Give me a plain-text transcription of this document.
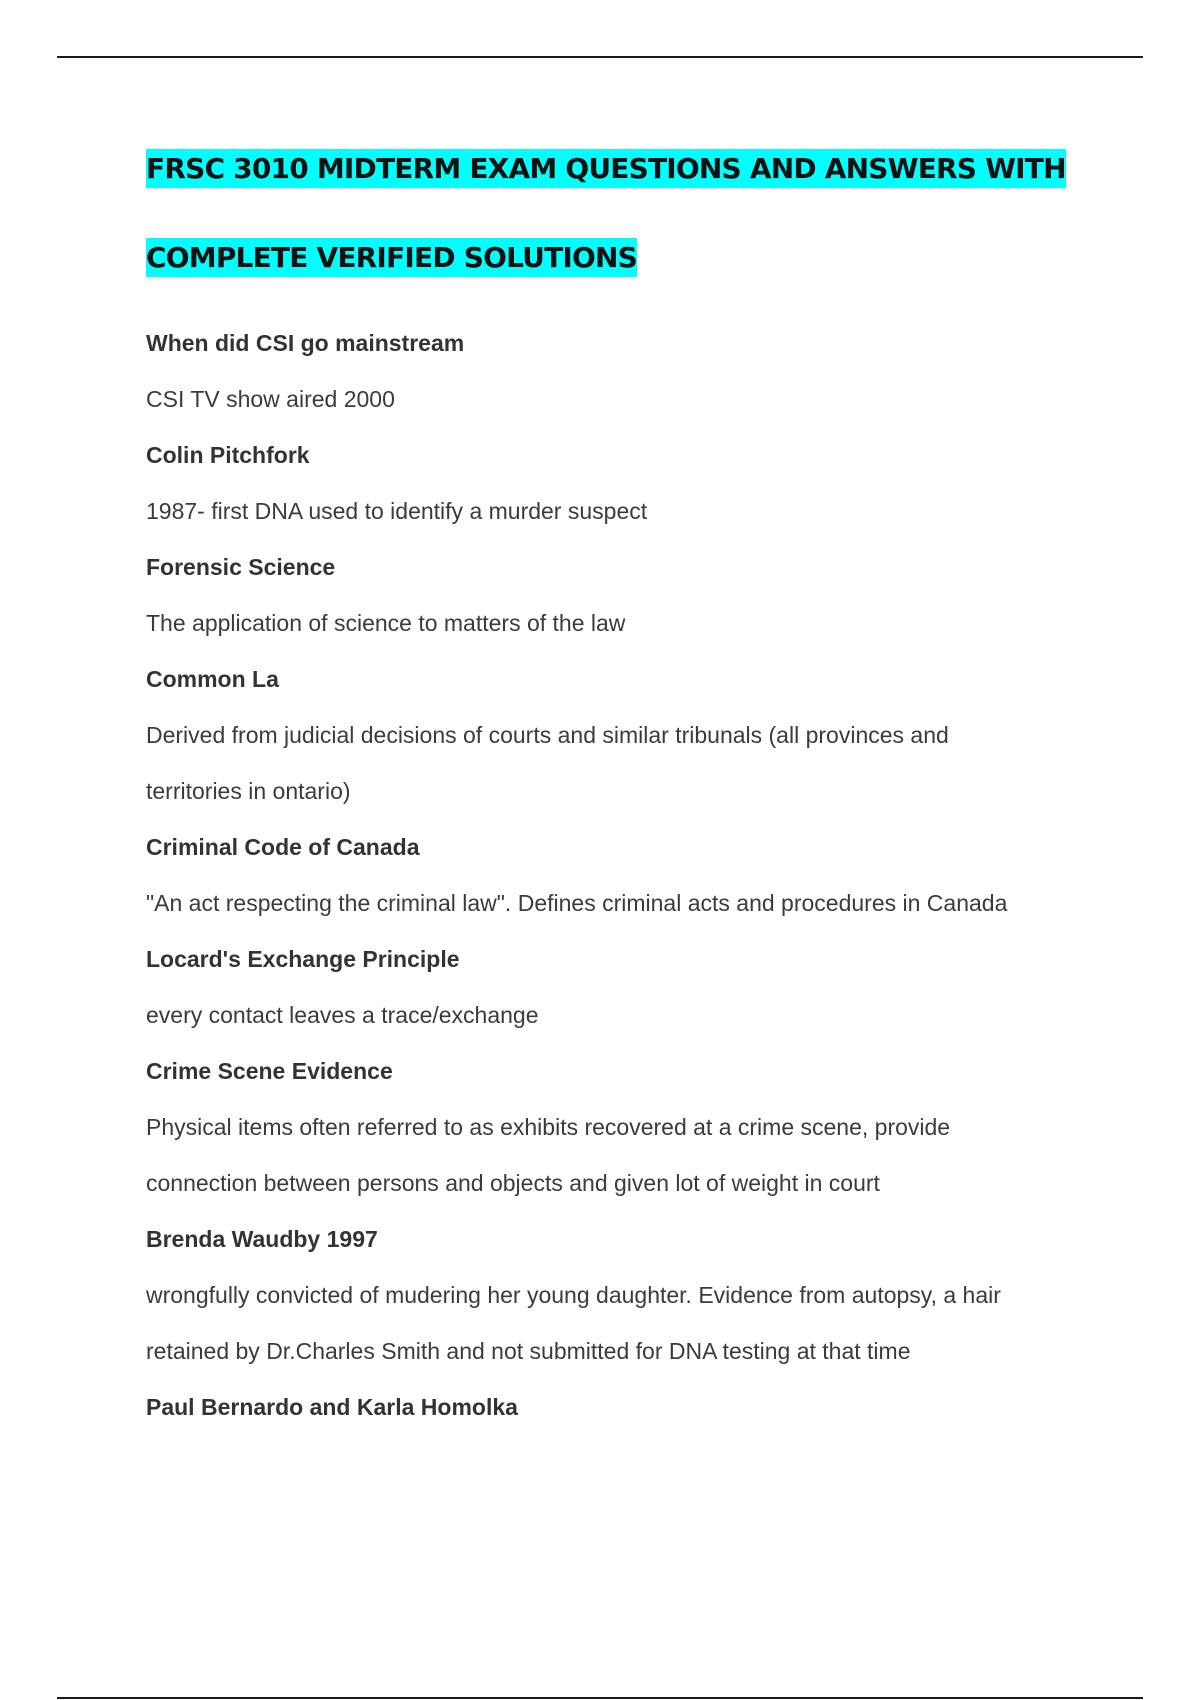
FRSC 3010 MIDTERM EXAM QUESTIONS AND ANSWERS WITH
COMPLETE VERIFIED SOLUTIONS
When did CSI go mainstream
CSI TV show aired 2000
Colin Pitchfork
1987- first DNA used to identify a murder suspect
Forensic Science
The application of science to matters of the law
Common La
Derived from judicial decisions of courts and similar tribunals (all provinces and
territories in ontario)
Criminal Code of Canada
"An act respecting the criminal law". Defines criminal acts and procedures in Canada
Locard's Exchange Principle
every contact leaves a trace/exchange
Crime Scene Evidence
Physical items often referred to as exhibits recovered at a crime scene, provide
connection between persons and objects and given lot of weight in court
Brenda Waudby 1997
wrongfully convicted of mudering her young daughter. Evidence from autopsy, a hair
retained by Dr.Charles Smith and not submitted for DNA testing at that time
Paul Bernardo and Karla Homolka
